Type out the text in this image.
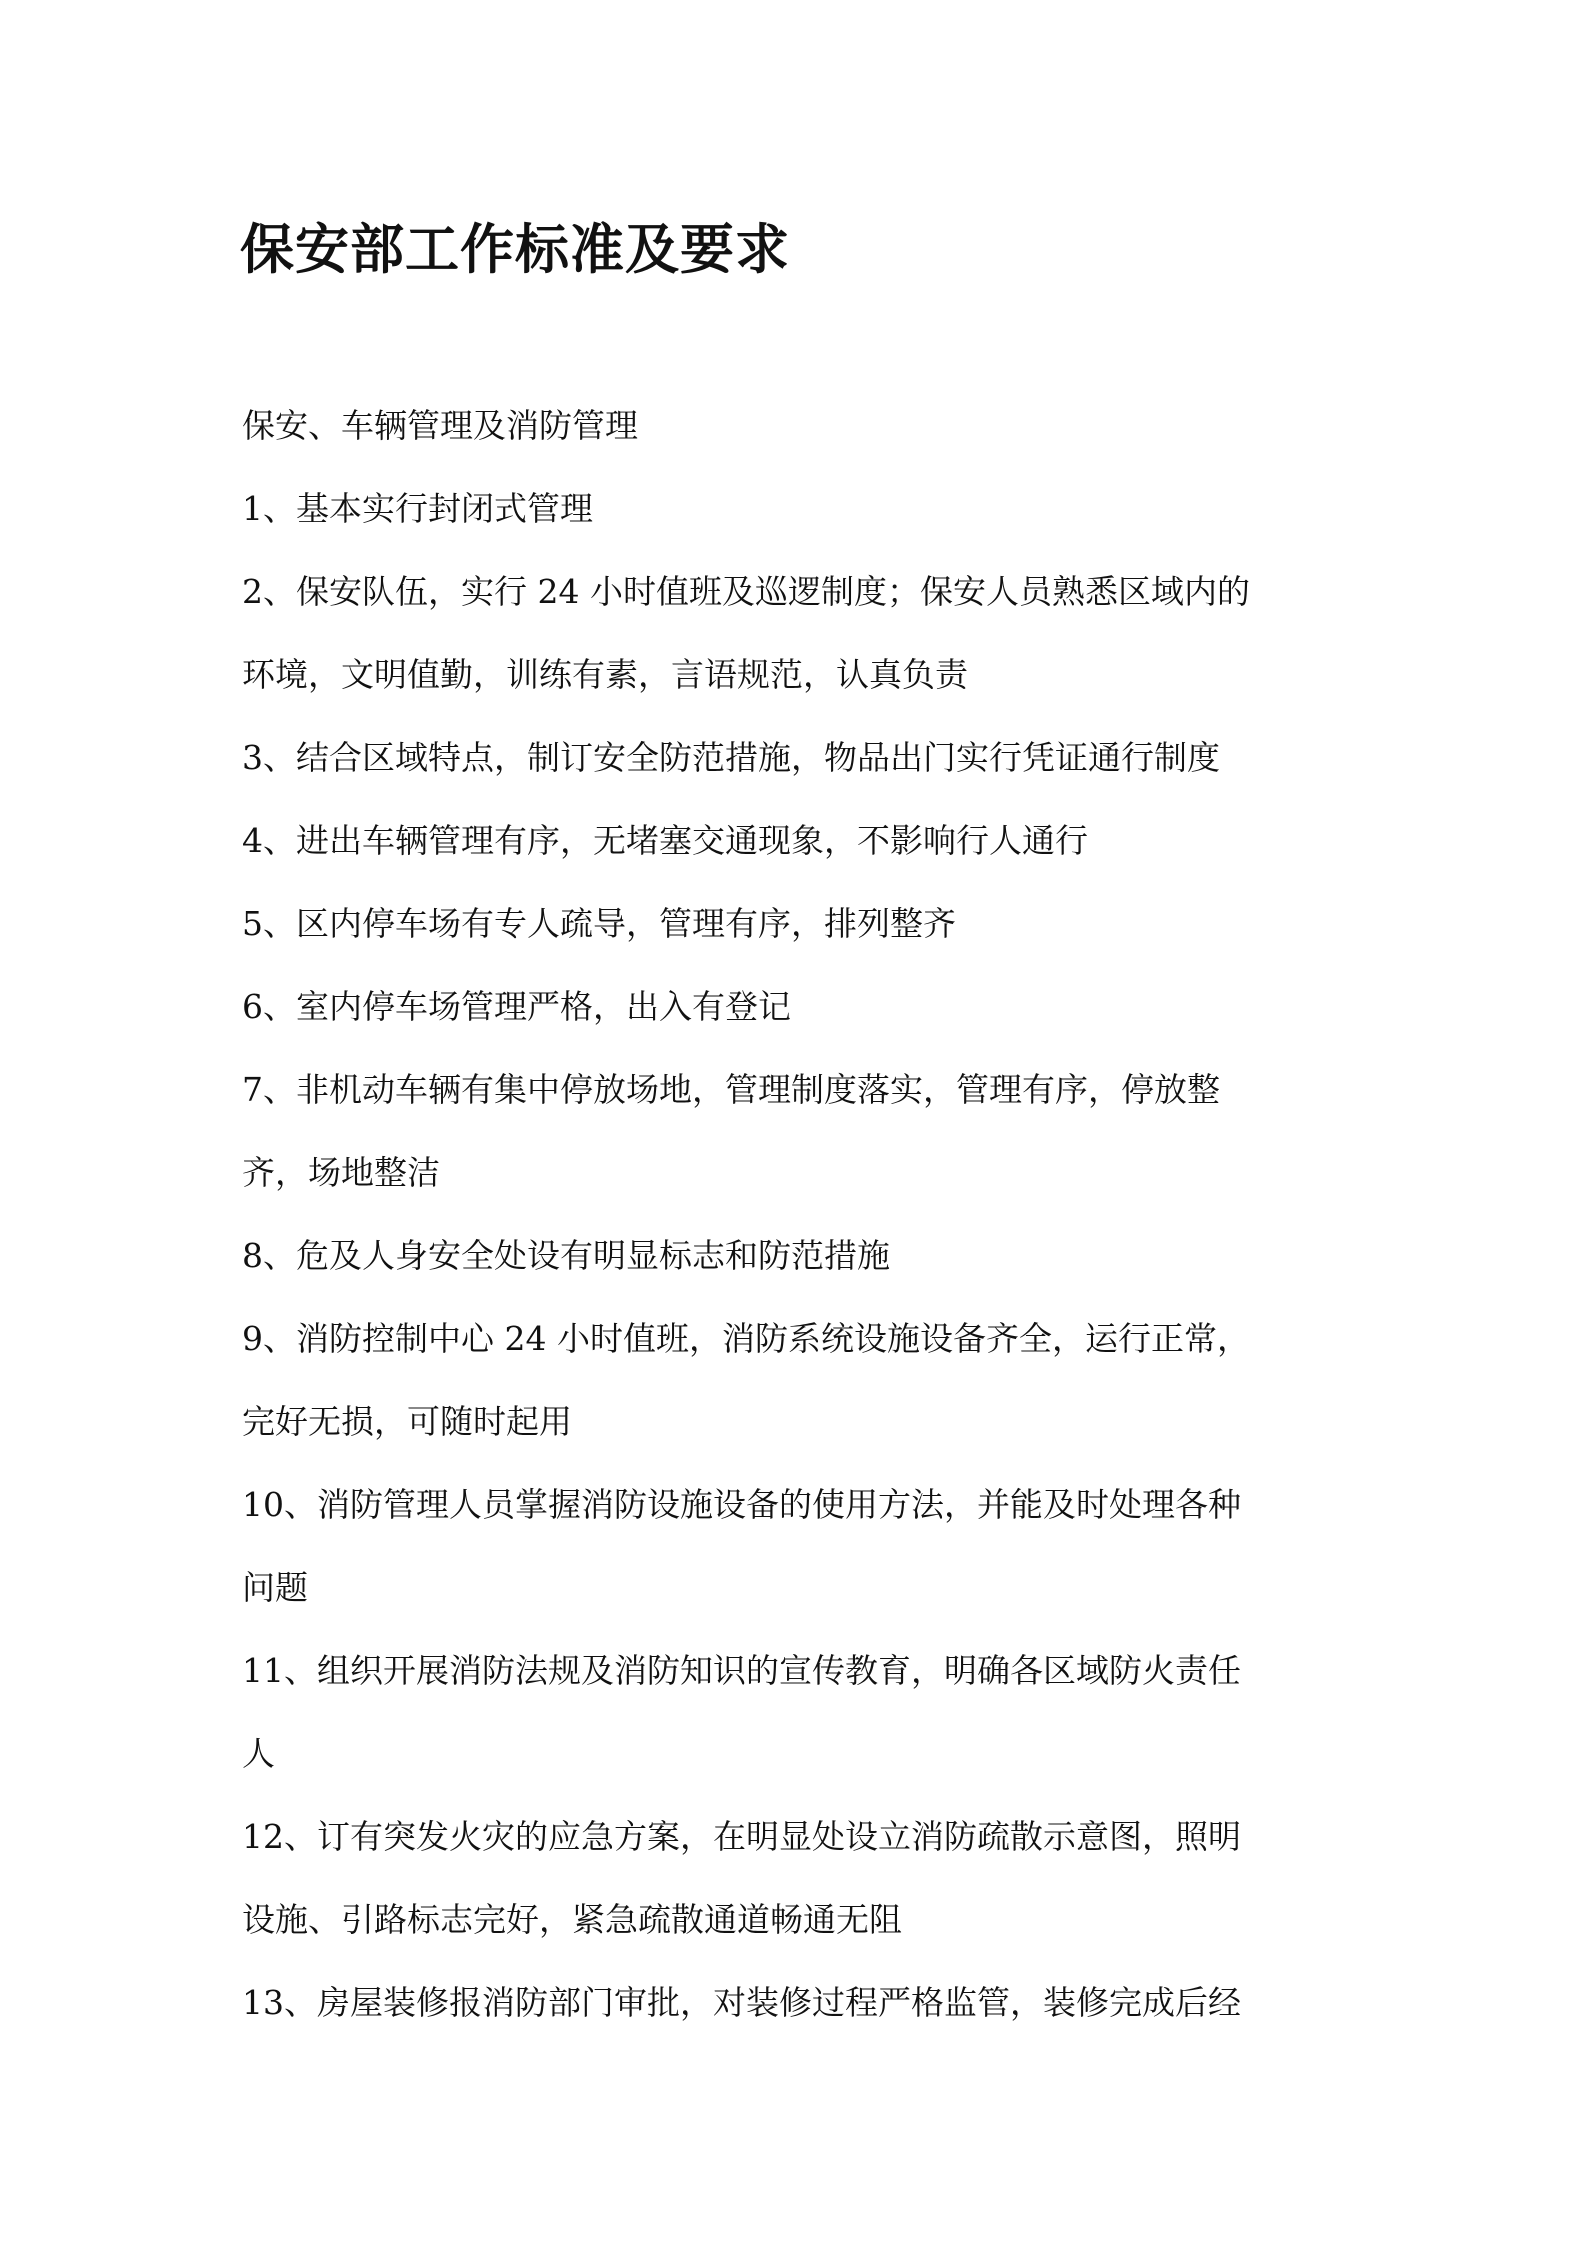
保安部工作标准及要求

保安、车辆管理及消防管理

1、基本实行封闭式管理

2、保安队伍，实行 24 小时值班及巡逻制度；保安人员熟悉区域内的

环境，文明值勤，训练有素，言语规范，认真负责

3、结合区域特点，制订安全防范措施，物品出门实行凭证通行制度

4、进出车辆管理有序，无堵塞交通现象，不影响行人通行

5、区内停车场有专人疏导，管理有序，排列整齐

6、室内停车场管理严格，出入有登记

7、非机动车辆有集中停放场地，管理制度落实，管理有序，停放整

齐，场地整洁

8、危及人身安全处设有明显标志和防范措施

9、消防控制中心 24 小时值班，消防系统设施设备齐全，运行正常，

完好无损，可随时起用

10、消防管理人员掌握消防设施设备的使用方法，并能及时处理各种

问题

11、组织开展消防法规及消防知识的宣传教育，明确各区域防火责任

人

12、订有突发火灾的应急方案，在明显处设立消防疏散示意图，照明

设施、引路标志完好，紧急疏散通道畅通无阻

13、房屋装修报消防部门审批，对装修过程严格监管，装修完成后经
